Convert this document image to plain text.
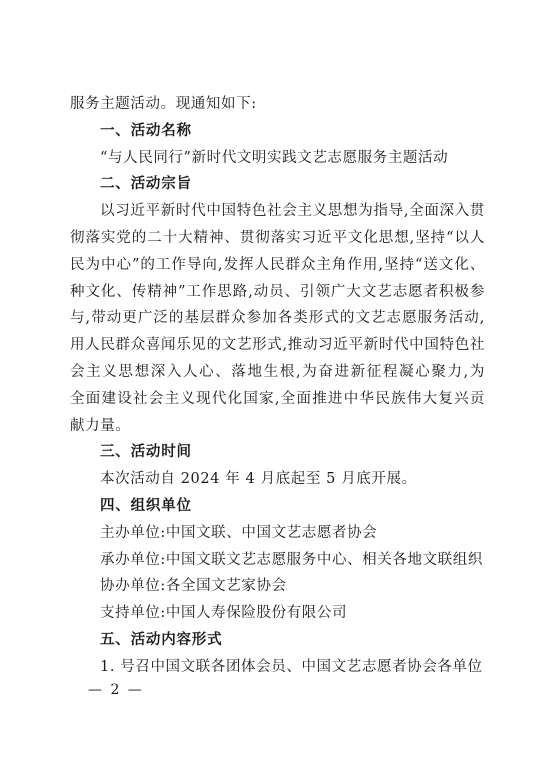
服务主题活动。现通知如下:
一、活动名称
“与人民同行”新时代文明实践文艺志愿服务主题活动
二、活动宗旨
以习近平新时代中国特色社会主义思想为指导,全面深入贯
彻落实党的二十大精神、贯彻落实习近平文化思想,坚持“以人
民为中心”的工作导向,发挥人民群众主角作用,坚持“送文化、
种文化、传精神”工作思路,动员、引领广大文艺志愿者积极参
与,带动更广泛的基层群众参加各类形式的文艺志愿服务活动,
用人民群众喜闻乐见的文艺形式,推动习近平新时代中国特色社
会主义思想深入人心、落地生根,为奋进新征程凝心聚力,为
全面建设社会主义现代化国家,全面推进中华民族伟大复兴贡
献力量。
三、活动时间
本次活动自 2024 年 4 月底起至 5 月底开展。
四、组织单位
主办单位:中国文联、中国文艺志愿者协会
承办单位:中国文联文艺志愿服务中心、相关各地文联组织
协办单位:各全国文艺家协会
支持单位:中国人寿保险股份有限公司
五、活动内容形式
1. 号召中国文联各团体会员、中国文艺志愿者协会各单位
— 2 —
